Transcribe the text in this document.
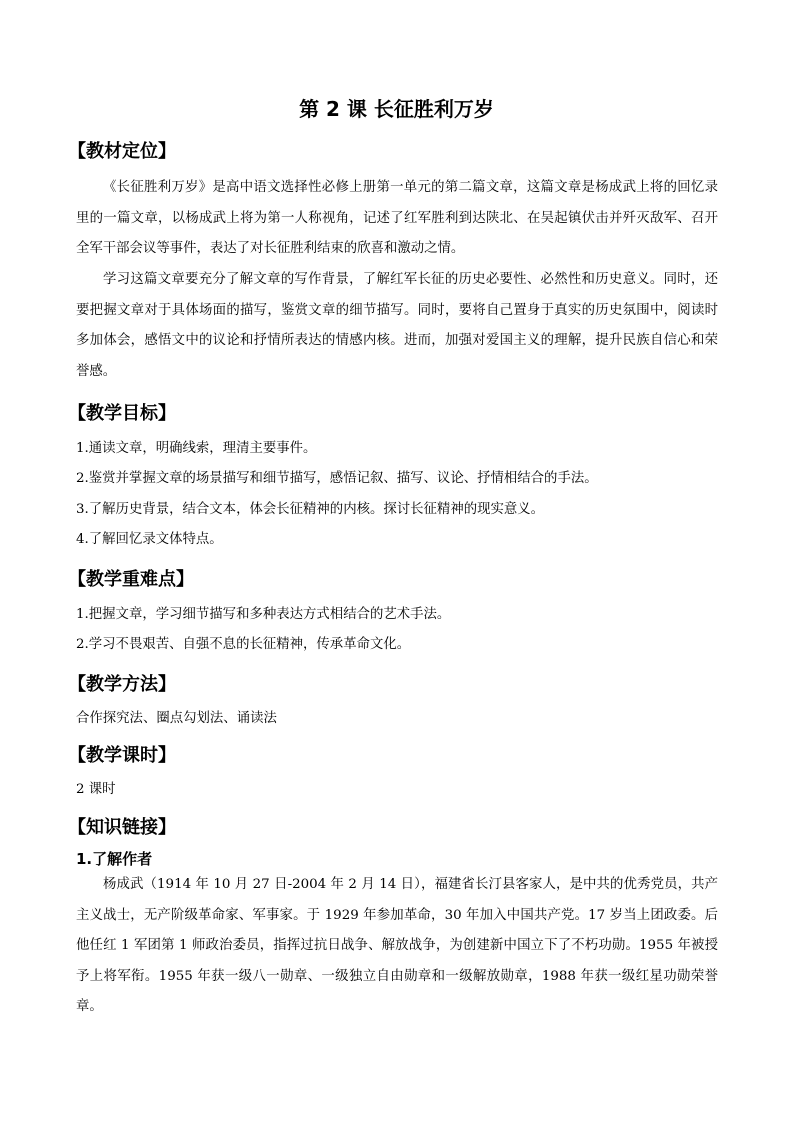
第 2 课 长征胜利万岁
【教材定位】

《长征胜利万岁》是高中语文选择性必修上册第一单元的第二篇文章，这篇文章是杨成武上将的回忆录里的一篇文章，以杨成武上将为第一人称视角，记述了红军胜利到达陕北、在吴起镇伏击并歼灭敌军、召开全军干部会议等事件，表达了对长征胜利结束的欣喜和激动之情。

学习这篇文章要充分了解文章的写作背景，了解红军长征的历史必要性、必然性和历史意义。同时，还要把握文章对于具体场面的描写，鉴赏文章的细节描写。同时，要将自己置身于真实的历史氛围中，阅读时多加体会，感悟文中的议论和抒情所表达的情感内核。进而，加强对爱国主义的理解，提升民族自信心和荣誉感。

【教学目标】

1.通读文章，明确线索，理清主要事件。

2.鉴赏并掌握文章的场景描写和细节描写，感悟记叙、描写、议论、抒情相结合的手法。

3.了解历史背景，结合文本，体会长征精神的内核。探讨长征精神的现实意义。

4.了解回忆录文体特点。

【教学重难点】

1.把握文章，学习细节描写和多种表达方式相结合的艺术手法。

2.学习不畏艰苦、自强不息的长征精神，传承革命文化。

【教学方法】

合作探究法、圈点勾划法、诵读法

【教学课时】

2 课时

【知识链接】
1.了解作者

杨成武（1914 年 10 月 27 日-2004 年 2 月 14 日），福建省长汀县客家人，是中共的优秀党员，共产主义战士，无产阶级革命家、军事家。于 1929 年参加革命，30 年加入中国共产党。17 岁当上团政委。后他任红 1 军团第 1 师政治委员，指挥过抗日战争、解放战争，为创建新中国立下了不朽功勋。1955 年被授予上将军衔。1955 年获一级八一勋章、一级独立自由勋章和一级解放勋章，1988 年获一级红星功勋荣誉章。
